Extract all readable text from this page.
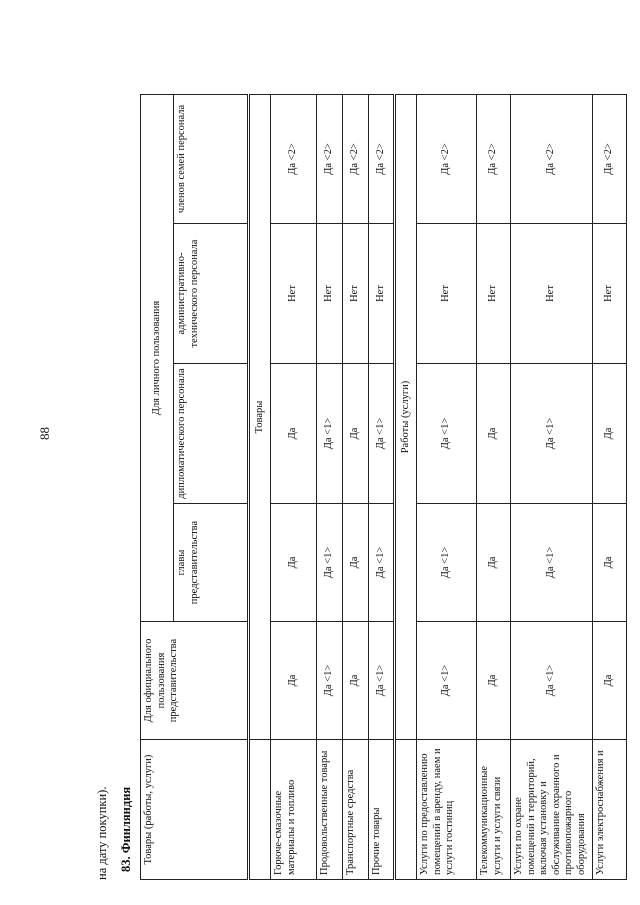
88
на дату покупки). 83. Финляндия Товары (работы, услуги)	Для официального пользования представительства	Для личного пользования			
		главы представительства	дипломатического персонала	административно-технического персонала	членов семей персонала
	Товары				
Горюче-смазочные материалы и топливо	Да	Да	Да	Нет	Да <2>
Продовольственные товары	Да <1>	Да <1>	Да <1>	Нет	Да <2>
Транспортные средства	Да	Да	Да	Нет	Да <2>
Прочие товары	Да <1>	Да <1>	Да <1>	Нет	Да <2>
	Работы (услуги)				
Услуги по предоставлению помещений в аренду, наем и услуги гостиниц	Да <1>	Да <1>	Да <1>	Нет	Да <2>
Телекоммуникационные услуги и услуги связи	Да	Да	Да	Нет	Да <2>
Услуги по охране помещений и территорий, включая установку и обслуживание охранного и противопожарного оборудования	Да <1>	Да <1>	Да <1>	Нет	Да <2>
Услуги электроснабжения и	Да	Да	Да	Нет	Да <2>
